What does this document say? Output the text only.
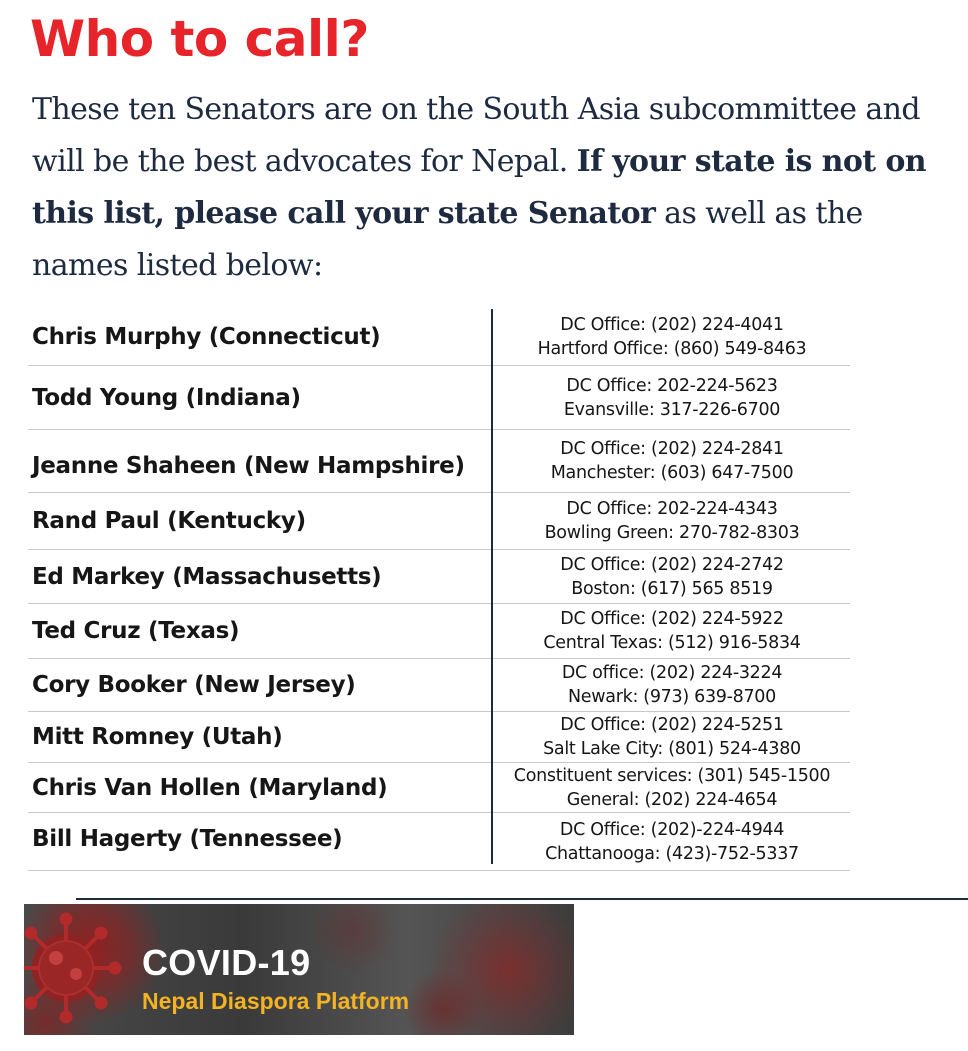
Who to call?

These ten Senators are on the South Asia subcommittee and will be the best advocates for Nepal. If your state is not on this list, please call your state Senator as well as the names listed below:

Chris Murphy (Connecticut)	DC Office: (202) 224-4041
Hartford Office: (860) 549-8463
Todd Young (Indiana)	DC Office: 202-224-5623
Evansville: 317-226-6700
Jeanne Shaheen (New Hampshire)
DC Office: (202) 224-2841
Manchester: (603) 647-7500
Rand Paul (Kentucky)	DC Office: 202-224-4343
Bowling Green: 270-782-8303
Ed Markey (Massachusetts)	DC Office: (202) 224-2742
Boston: (617) 565 8519
Ted Cruz (Texas)	DC Office: (202) 224-5922
Central Texas: (512) 916-5834
Cory Booker (New Jersey)	DC office: (202) 224-3224
Newark: (973) 639-8700
Mitt Romney (Utah)	DC Office: (202) 224-5251
Salt Lake City: (801) 524-4380
Chris Van Hollen (Maryland)	Constituent services: (301) 545-1500
General: (202) 224-4654
Bill Hagerty (Tennessee)	DC Office: (202)-224-4944
Chattanooga: (423)-752-5337
COVID-19
Nepal Diaspora Platform
